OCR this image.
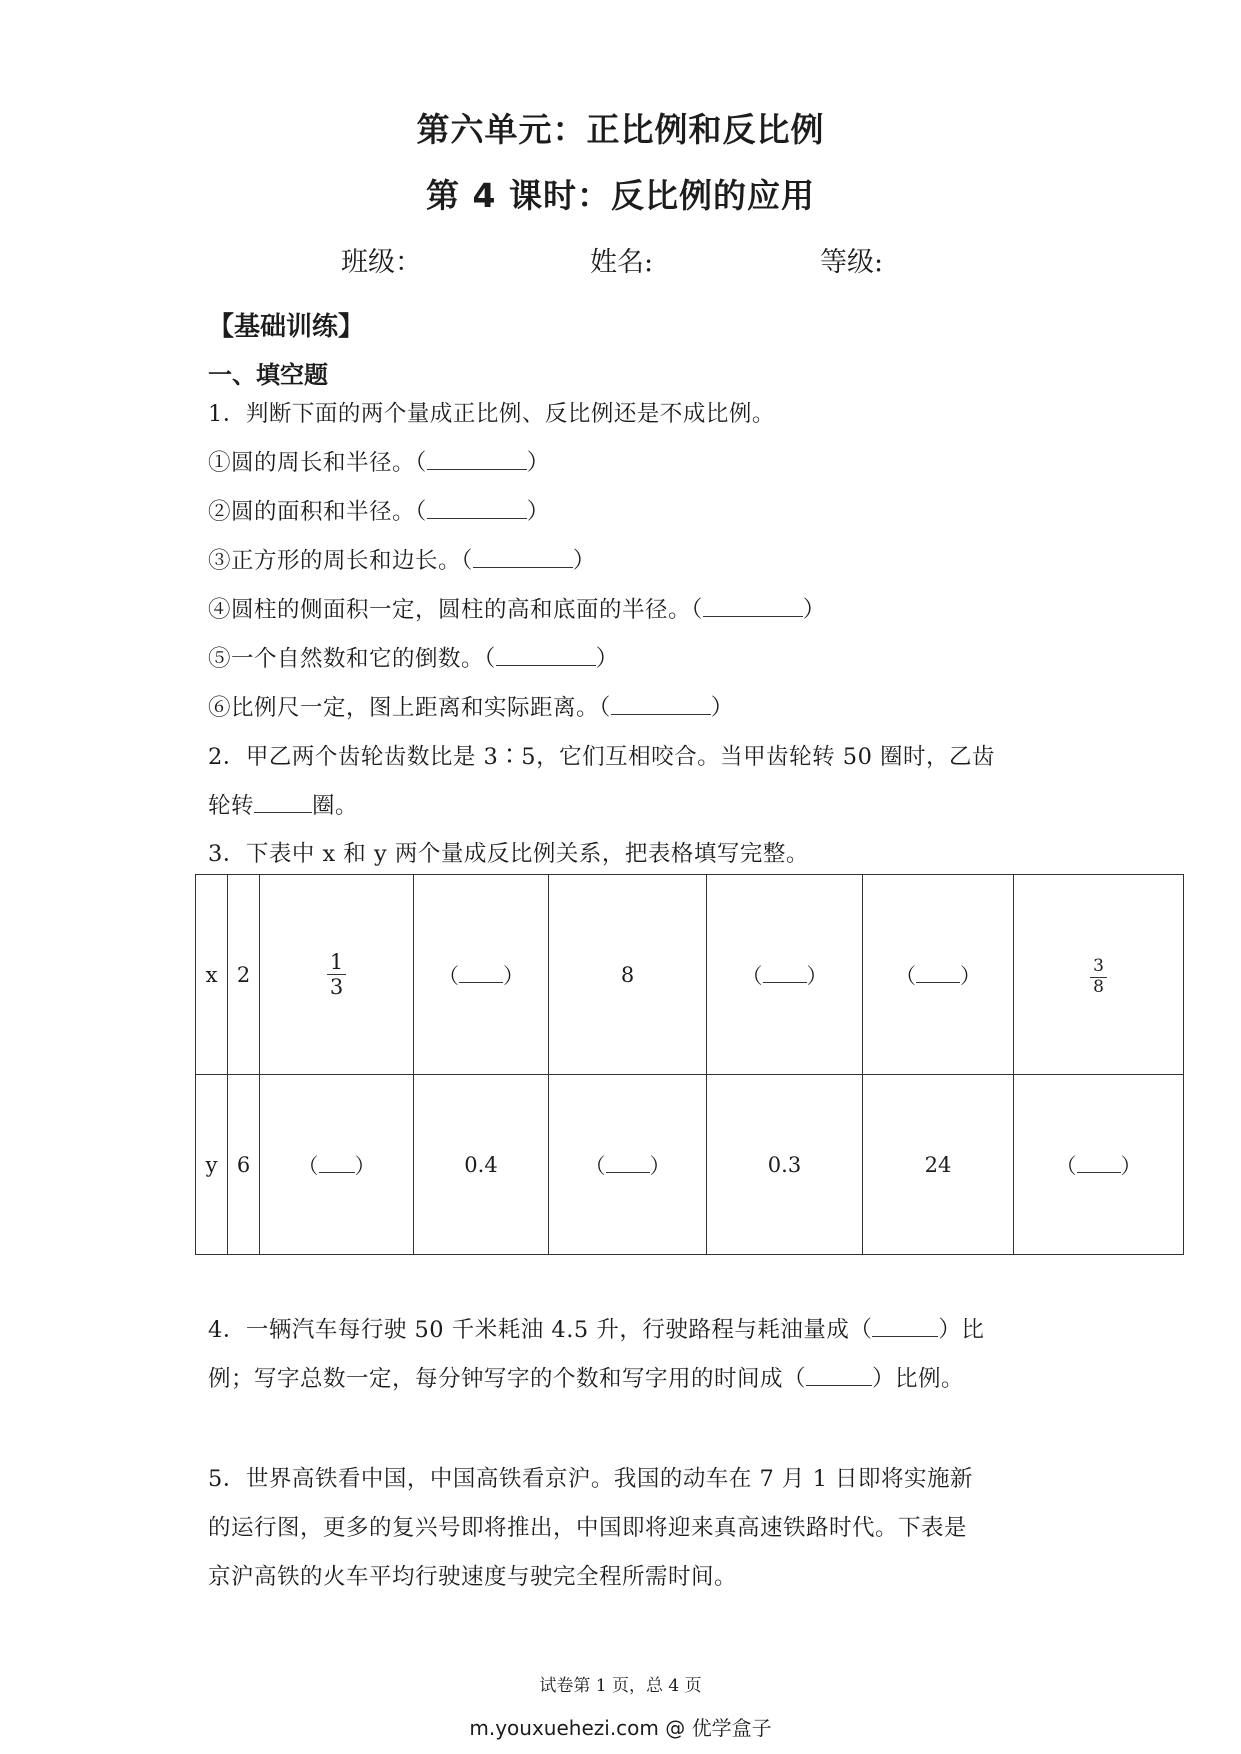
第六单元：正比例和反比例
第 4 课时：反比例的应用
班级：	姓名:	等级:
【基础训练】
一、填空题
1．判断下面的两个量成正比例、反比例还是不成比例。
①圆的周长和半径。（	）
②圆的面积和半径。（	）
③正方形的周长和边长。（	）
④圆柱的侧面积一定，圆柱的高和底面的半径。（	）
⑤一个自然数和它的倒数。（	）
⑥比例尺一定，图上距离和实际距离。（	）
2．甲乙两个齿轮齿数比是 3∶5，它们互相咬合。当甲齿轮转 50 圈时，乙齿
轮转	圈。
3．下表中 x 和 y 两个量成反比例关系，把表格填写完整。
x	2	$\frac{1}{3}$	（ ）	8	（ ）	（ ）	$\frac{3}{8}$

y	6	（ ）	0.4	（ ）	0.3	24	（ ）
4．一辆汽车每行驶 50 千米耗油 4.5 升，行驶路程与耗油量成（	）比
例；写字总数一定，每分钟写字的个数和写字用的时间成（	）比例。
5．世界高铁看中国，中国高铁看京沪。我国的动车在 7 月 1 日即将实施新
的运行图，更多的复兴号即将推出，中国即将迎来真高速铁路时代。下表是
京沪高铁的火车平均行驶速度与驶完全程所需时间。
试卷第 1 页，总 4 页
m.youxuehezi.com @ 优学盒子
